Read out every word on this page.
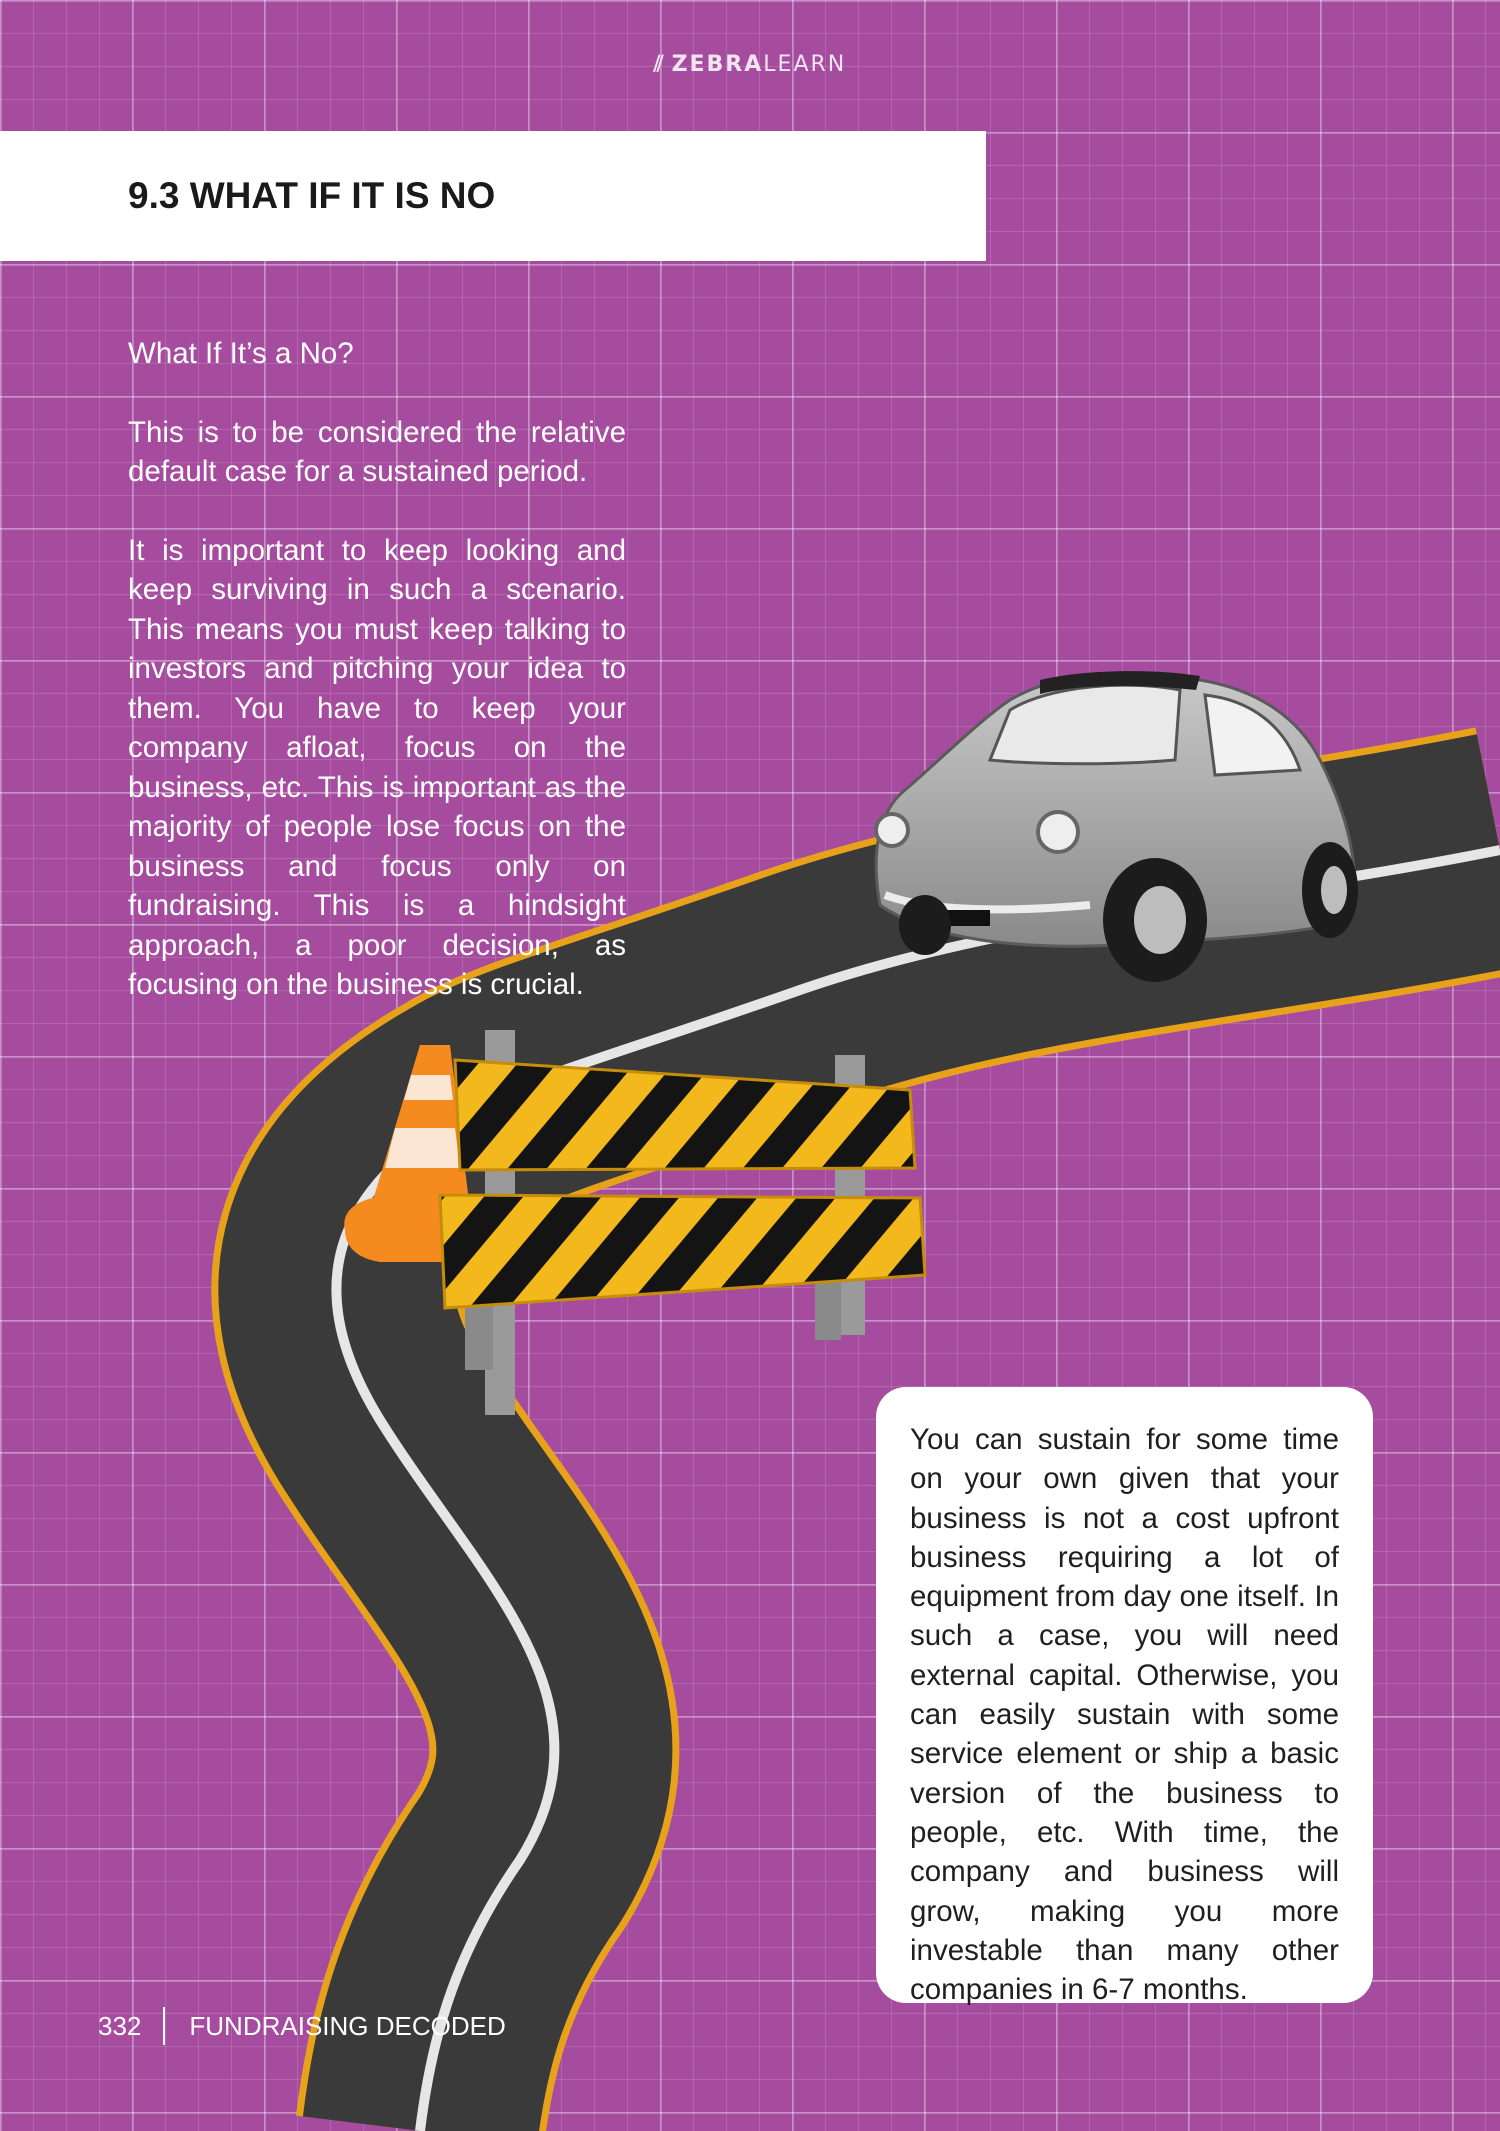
⫽ ZEBRALEARN
9.3 WHAT IF IT IS NO

What If It’s a No?

This is to be considered the relative default case for a sustained period.

It is important to keep looking and keep surviving in such a scenario. This means you must keep talking to investors and pitching your idea to them. You have to keep your company afloat, focus on the business, etc. This is important as the majority of people lose focus on the business and focus only on fundraising. This is a hindsight approach, a poor decision, as focusing on the business is crucial.

You can sustain for some time on your own given that your business is not a cost upfront business requiring a lot of equipment from day one itself. In such a case, you will need external capital. Otherwise, you can easily sustain with some service element or ship a basic version of the business to people, etc. With time, the company and business will grow, making you more investable than many other companies in 6-7 months.

332 FUNDRAISING DECODED
